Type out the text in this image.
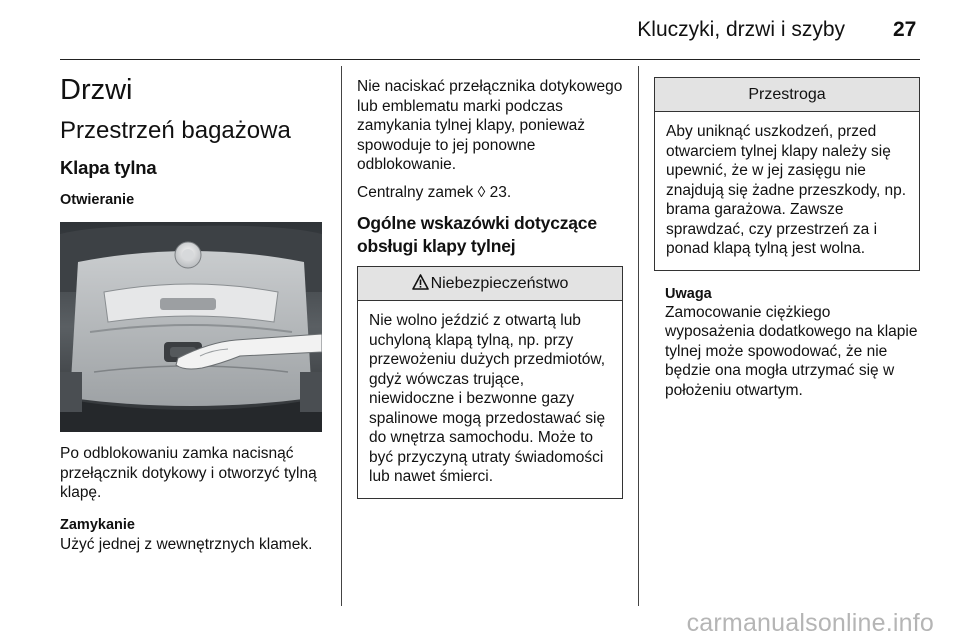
Kluczyki, drzwi i szyby 27
Drzwi
Przestrzeń bagażowa
Klapa tylna
Otwieranie

Po odblokowaniu zamka nacisnąć przełącznik dotykowy i otworzyć tylną klapę.

Zamykanie

Użyć jednej z wewnętrznych klamek.

Nie naciskać przełącznika dotykowego lub emblematu marki podczas zamykania tylnej klapy, ponieważ spowoduje to jej ponowne odblokowanie.

Centralny zamek ◊ 23.

Ogólne wskazówki dotyczące obsługi klapy tylnej
Niebezpieczeństwo
Nie wolno jeździć z otwartą lub uchyloną klapą tylną, np. przy przewożeniu dużych przedmiotów, gdyż wówczas trujące, niewidoczne i bezwonne gazy spalinowe mogą przedostawać się do wnętrza samochodu. Może to być przyczyną utraty świadomości lub nawet śmierci.
Przestroga
Aby uniknąć uszkodzeń, przed otwarciem tylnej klapy należy się upewnić, że w jej zasięgu nie znajdują się żadne przeszkody, np. brama garażowa. Zawsze sprawdzać, czy przestrzeń za i ponad klapą tylną jest wolna.
Uwaga

Zamocowanie ciężkiego wyposażenia dodatkowego na klapie tylnej może spowodować, że nie będzie ona mogła utrzymać się w położeniu otwartym.

carmanualsonline.info
